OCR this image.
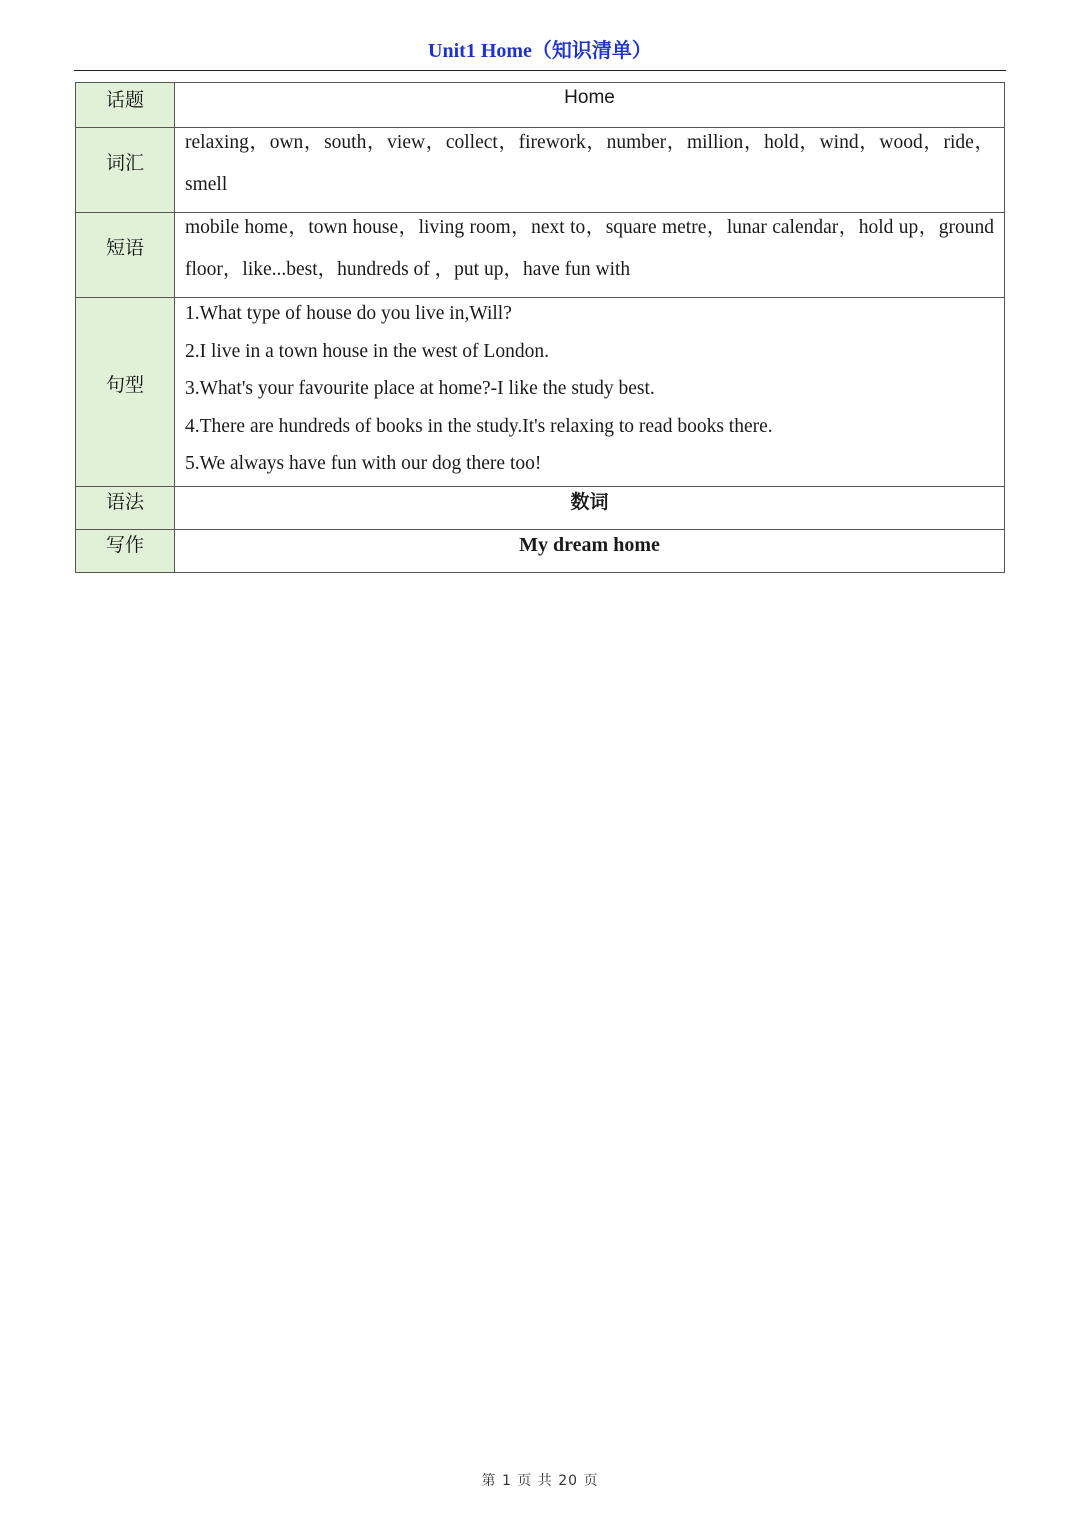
Unit1 Home（知识清单）
话题	Home
词汇	relaxing，own，south，view，collect，firework，number，million，hold，wind，wood，ride，smell

短语	mobile home，town house，living room，next to，square metre，lunar calendar，hold up，ground floor，like...best，hundreds of ，put up，have fun with

句型	1.What type of house do you live in,Will?
2.I live in a town house in the west of London.
3.What's your favourite place at home?-I like the study best.
4.There are hundreds of books in the study.It's relaxing to read books there.
5.We always have fun with our dog there too!

语法	数词
写作	My dream home
第 1 页 共 20 页
